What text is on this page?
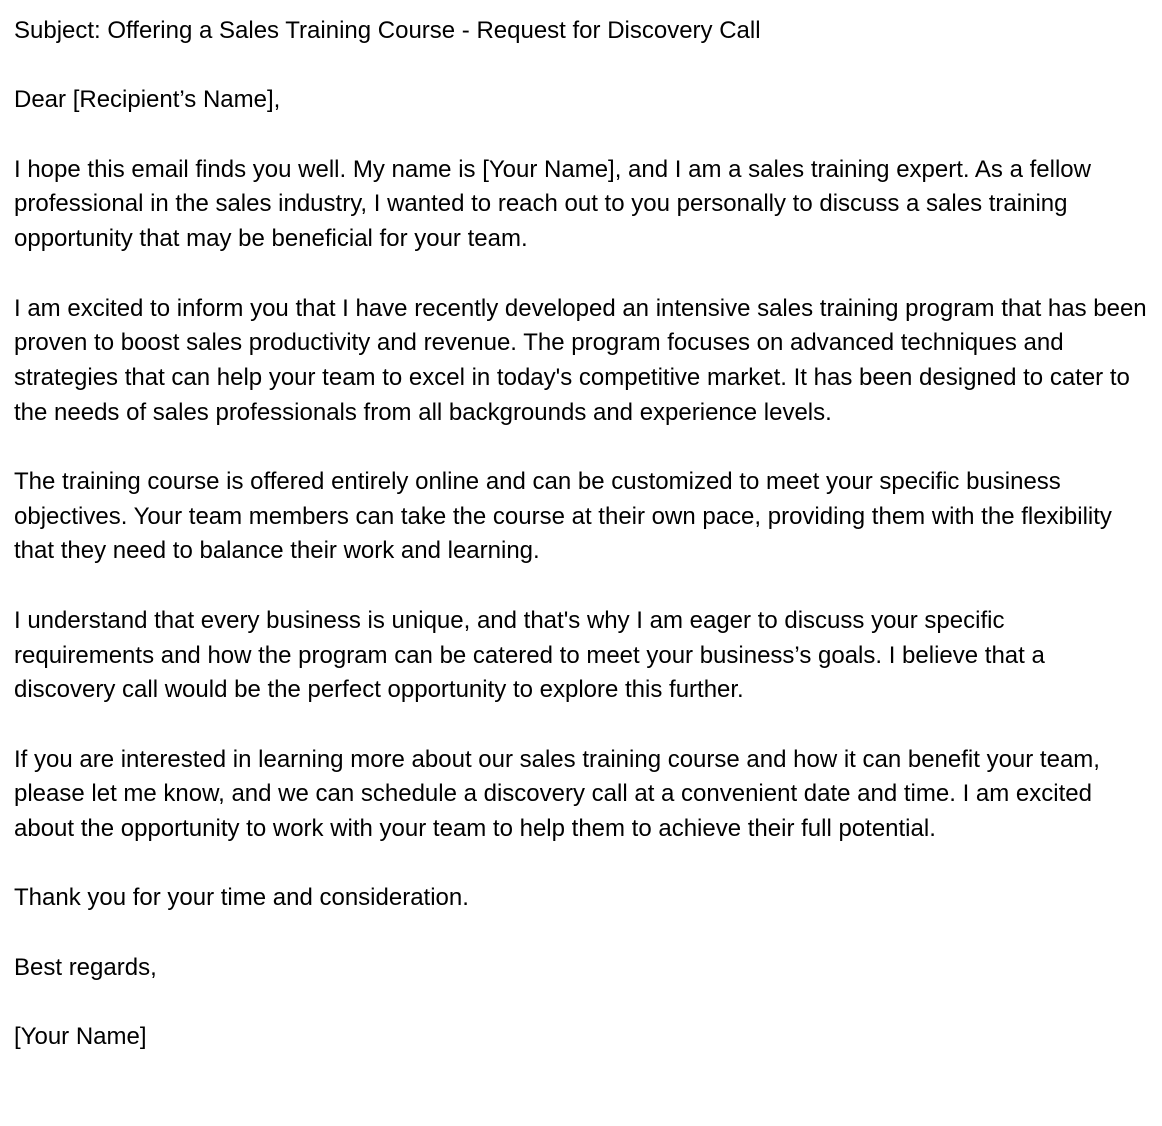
Subject: Offering a Sales Training Course - Request for Discovery Call

Dear [Recipient’s Name],

I hope this email finds you well. My name is [Your Name], and I am a sales training expert. As a fellow professional in the sales industry, I wanted to reach out to you personally to discuss a sales training opportunity that may be beneficial for your team.

I am excited to inform you that I have recently developed an intensive sales training program that has been proven to boost sales productivity and revenue. The program focuses on advanced techniques and strategies that can help your team to excel in today's competitive market. It has been designed to cater to the needs of sales professionals from all backgrounds and experience levels.

The training course is offered entirely online and can be customized to meet your specific business objectives. Your team members can take the course at their own pace, providing them with the flexibility that they need to balance their work and learning.

I understand that every business is unique, and that's why I am eager to discuss your specific requirements and how the program can be catered to meet your business’s goals. I believe that a discovery call would be the perfect opportunity to explore this further.

If you are interested in learning more about our sales training course and how it can benefit your team, please let me know, and we can schedule a discovery call at a convenient date and time. I am excited about the opportunity to work with your team to help them to achieve their full potential.

Thank you for your time and consideration.

Best regards,

[Your Name]
